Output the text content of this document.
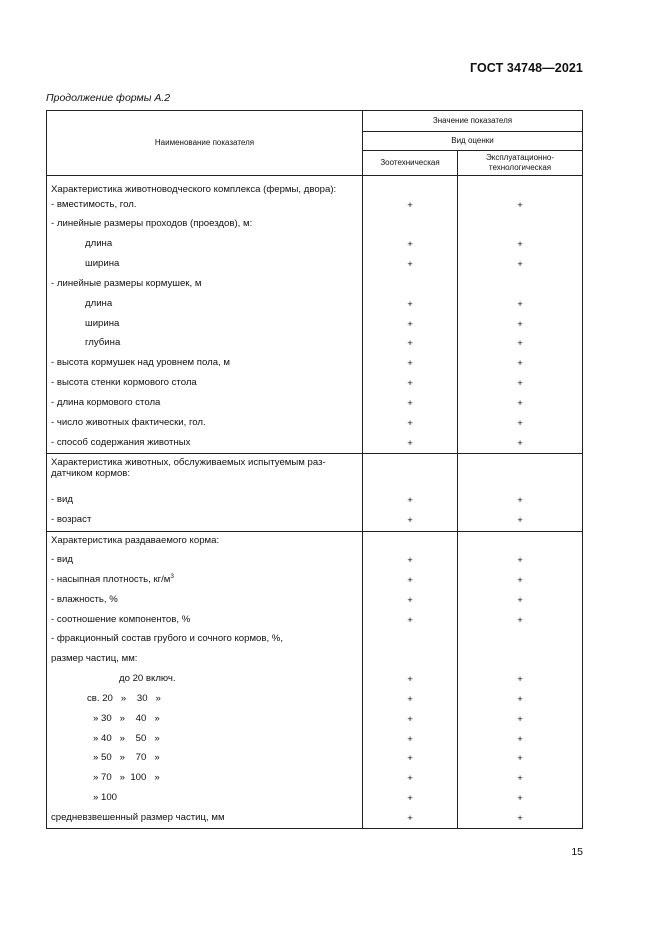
ГОСТ 34748—2021
Продолжение формы А.2
Наименование показателя	Значение показателя	
	Вид оценки	
	Зоотехническая	Эксплуатационно-
технологическая
Характеристика животноводческого комплекса (фермы, двора):		
- вместимость, гол.	+	+
- линейные размеры проходов (проездов), м:		
длина	+	+
ширина	+	+
- линейные размеры кормушек, м		
длина	+	+
ширина	+	+
глубина	+	+
- высота кормушек над уровнем пола, м	+	+
- высота стенки кормового стола	+	+
- длина кормового стола	+	+
- число животных фактически, гол.	+	+
- способ содержания животных	+	+
Характеристика животных, обслуживаемых испытуемым раз-
датчиком кормов:		
- вид	+	+
- возраст	+	+
Характеристика раздаваемого корма:		
- вид	+	+
- насыпная плотность, $кг/м^3$	+	+
- влажность, %	+	+
- соотношение компонентов, %	+	+
- фракционный состав грубого и сочного кормов, %,		
размер частиц, мм:		
до 20 включ.	+	+
св. 20   »    30   »	+	+
» 30   »    40   »	+	+
» 40   »    50   »	+	+
» 50   »    70   »	+	+
» 70   »  100   »	+	+
» 100	+	+
средневзвешенный размер частиц, мм	+	+
15
